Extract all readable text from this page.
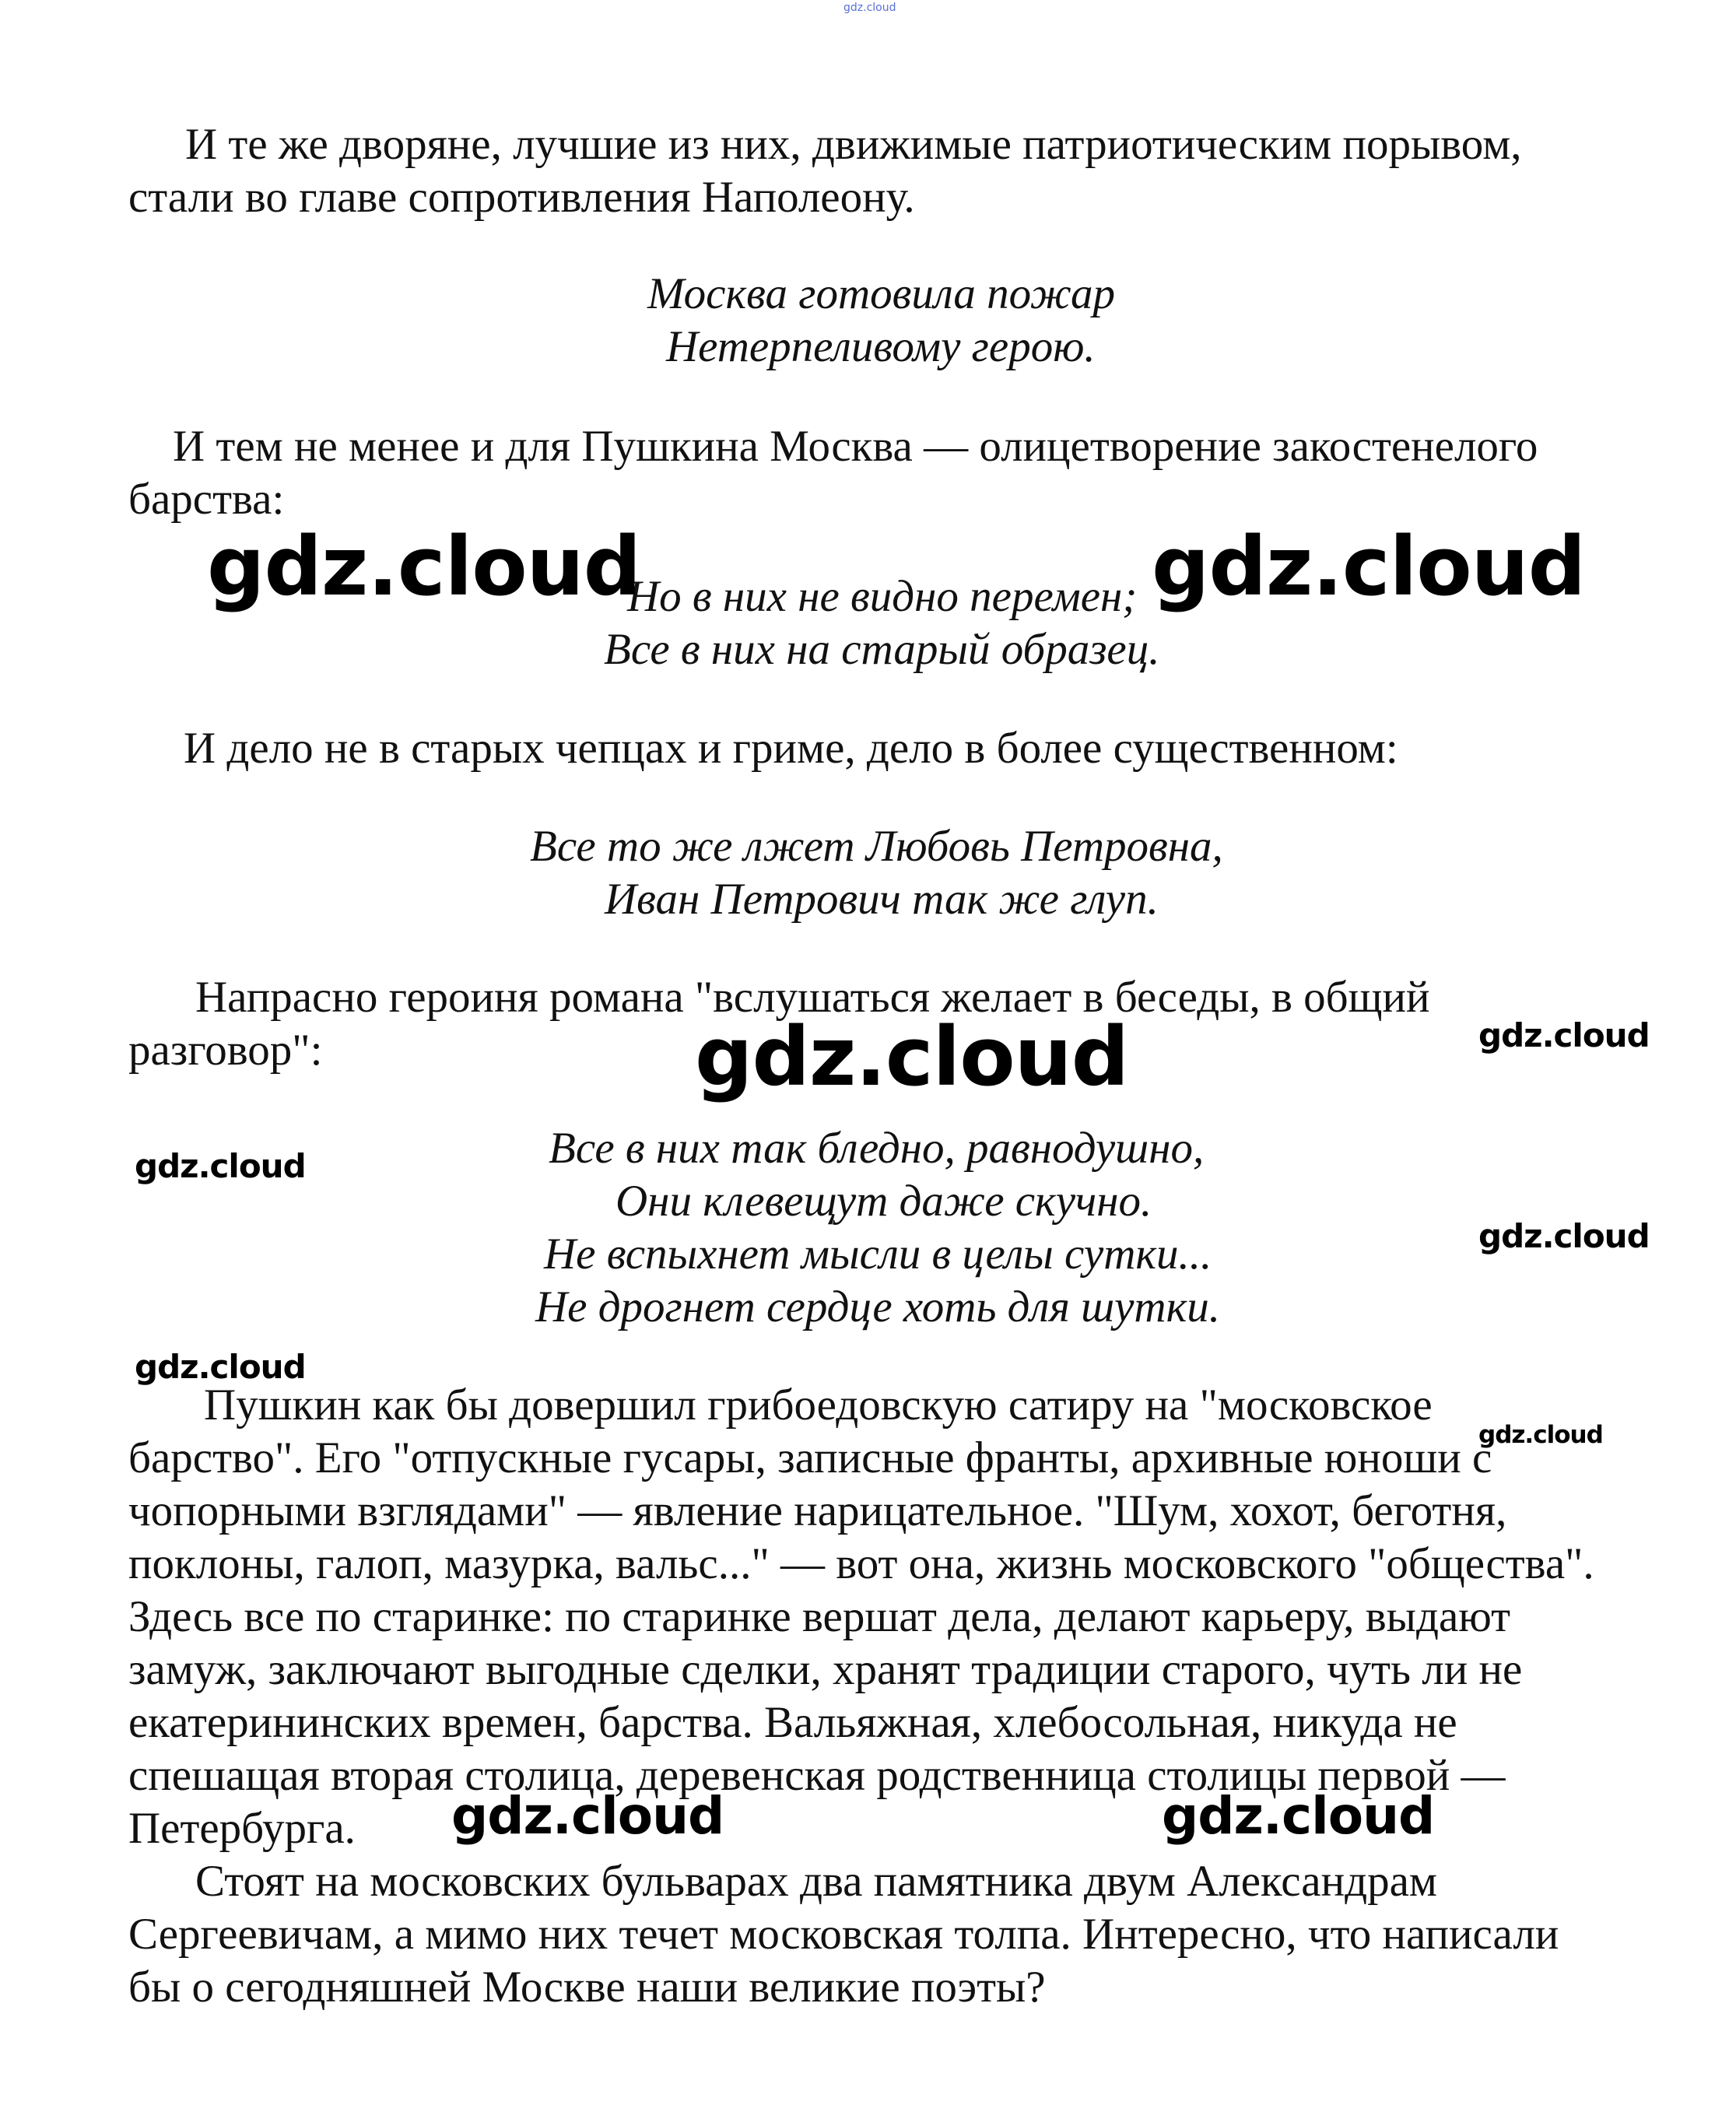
gdz.cloud
И те же дворяне, лучшие из них, движимые патриотическим порывом,
стали во главе сопротивления Наполеону.
Москва готовила пожар
Нетерпеливому герою.
И тем не менее и для Пушкина Москва — олицетворение закостенелого
барства:
Но в них не видно перемен;
Все в них на старый образец.
И дело не в старых чепцах и гриме, дело в более существенном:
Все то же лжет Любовь Петровна,
Иван Петрович так же глуп.
Напрасно героиня романа "вслушаться желает в беседы, в общий
разговор":
Все в них так бледно, равнодушно,
Они клевещут даже скучно.
Не вспыхнет мысли в целы сутки...
Не дрогнет сердце хоть для шутки.
Пушкин как бы довершил грибоедовскую сатиру на "московское
барство". Его "отпускные гусары, записные франты, архивные юноши с
чопорными взглядами" — явление нарицательное. "Шум, хохот, беготня,
поклоны, галоп, мазурка, вальс..." — вот она, жизнь московского "общества".
Здесь все по старинке: по старинке вершат дела, делают карьеру, выдают
замуж, заключают выгодные сделки, хранят традиции старого, чуть ли не
екатерининских времен, барства. Вальяжная, хлебосольная, никуда не
спешащая вторая столица, деревенская родственница столицы первой —
Петербурга.
Стоят на московских бульварах два памятника двум Александрам
Сергеевичам, а мимо них течет московская толпа. Интересно, что написали
бы о сегодняшней Москве наши великие поэты?
gdz.cloud	gdz.cloud
gdz.cloud	gdz.cloud
gdz.cloud
gdz.cloud
gdz.cloud
gdz.cloud
gdz.cloud	gdz.cloud
